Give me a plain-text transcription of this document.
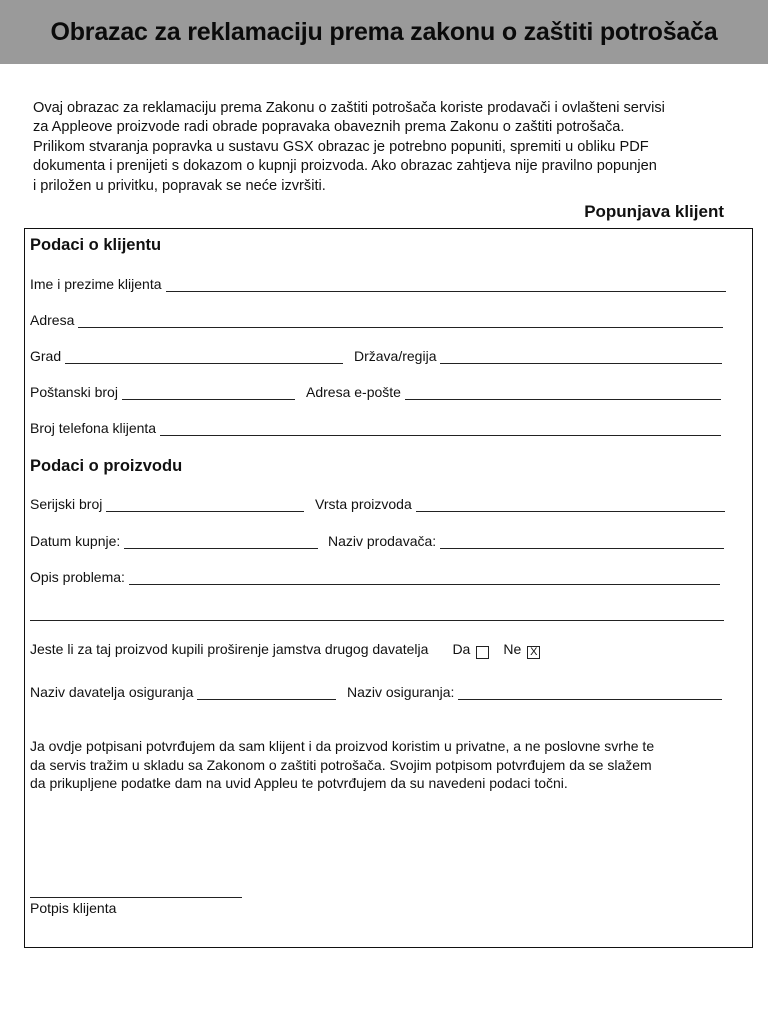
Obrazac za reklamaciju prema zakonu o zaštiti potrošača
Ovaj obrazac za reklamaciju prema Zakonu o zaštiti potrošača koriste prodavači i ovlašteni servisi
za Appleove proizvode radi obrade popravaka obaveznih prema Zakonu o zaštiti potrošača.
Prilikom stvaranja popravka u sustavu GSX obrazac je potrebno popuniti, spremiti u obliku PDF
dokumenta i prenijeti s dokazom o kupnji proizvoda. Ako obrazac zahtjeva nije pravilno popunjen
i priložen u privitku, popravak se neće izvršiti.
Popunjava klijent
Podaci o klijentu
Ime i prezime klijenta
Adresa
Grad	Država/regija
Poštanski broj	Adresa e-pošte
Broj telefona klijenta
Podaci o proizvodu
Serijski broj	Vrsta proizvoda
Datum kupnje:	Naziv prodavača:
Opis problema:
Jeste li za taj proizvod kupili proširenje jamstva drugog davatelja Da Ne X
Naziv davatelja osiguranja	Naziv osiguranja:
Ja ovdje potpisani potvrđujem da sam klijent i da proizvod koristim u privatne, a ne poslovne svrhe te
da servis tražim u skladu sa Zakonom o zaštiti potrošača. Svojim potpisom potvrđujem da se slažem
da prikupljene podatke dam na uvid Appleu te potvrđujem da su navedeni podaci točni.
Potpis klijenta
